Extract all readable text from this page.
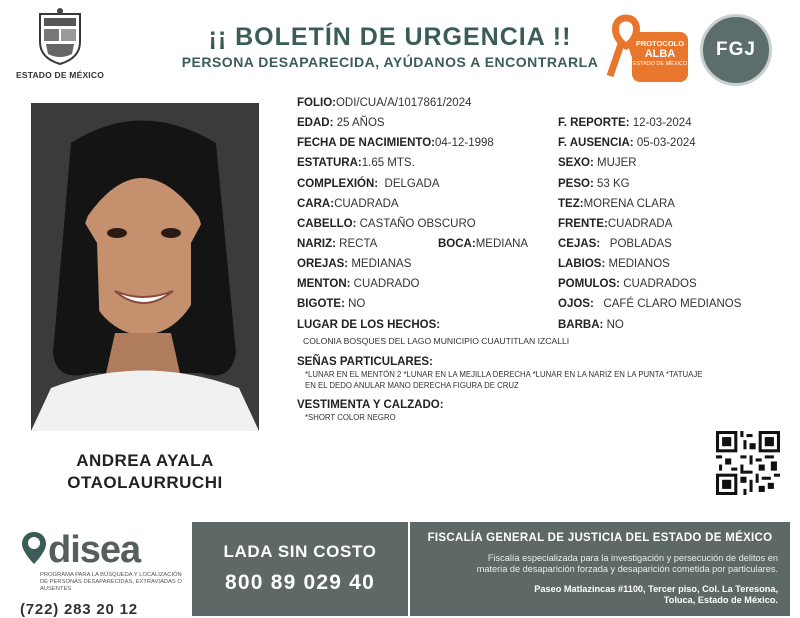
ESTADO DE MÉXICO
¡¡ BOLETÍN DE URGENCIA !!
PERSONA DESAPARECIDA, AYÚDANOS A ENCONTRARLA
PROTOCOLO
ALBA
ESTADO DE MÉXICO
FGJ
ANDREA AYALA
OTAOLAURRUCHI
FOLIO:ODI/CUA/A/1017861/2024
EDAD: 25 AÑOS	F. REPORTE: 12-03-2024
FECHA DE NACIMIENTO:04-12-1998	F. AUSENCIA: 05-03-2024
ESTATURA:1.65 MTS.	SEXO: MUJER
COMPLEXIÓN: DELGADA	PESO: 53 KG
CARA:CUADRADA	TEZ:MORENA CLARA
CABELLO: CASTAÑO OBSCURO	FRENTE:CUADRADA
NARIZ: RECTA	BOCA:MEDIANA	CEJAS: POBLADAS
OREJAS: MEDIANAS	LABIOS: MEDIANOS
MENTON: CUADRADO	POMULOS: CUADRADOS
BIGOTE: NO	OJOS: CAFÉ CLARO MEDIANOS
LUGAR DE LOS HECHOS:	BARBA: NO
COLONIA BOSQUES DEL LAGO MUNICIPIO CUAUTITLAN IZCALLI
SEÑAS PARTICULARES:
*LUNAR EN EL MENTÓN 2 *LUNAR EN LA MEJILLA DERECHA *LUNAR EN LA NARIZ EN LA PUNTA *TATUAJE
EN EL DEDO ANULAR MANO DERECHA FIGURA DE CRUZ
VESTIMENTA Y CALZADO:
*SHORT COLOR NEGRO
disea
PROGRAMA PARA LA BÚSQUEDA Y LOCALIZACIÓN DE PERSONAS DESAPARECIDAS, EXTRAVIADAS O AUSENTES
(722) 283 20 12
LADA SIN COSTO
800 89 029 40
FISCALÍA GENERAL DE JUSTICIA DEL ESTADO DE MÉXICO
Fiscalía especializada para la investigación y persecución de delitos en
materia de desaparición forzada y desaparición cometida por particulares.
Paseo Matlazincas #1100, Tercer piso, Col. La Teresona,
Toluca, Estado de México.
